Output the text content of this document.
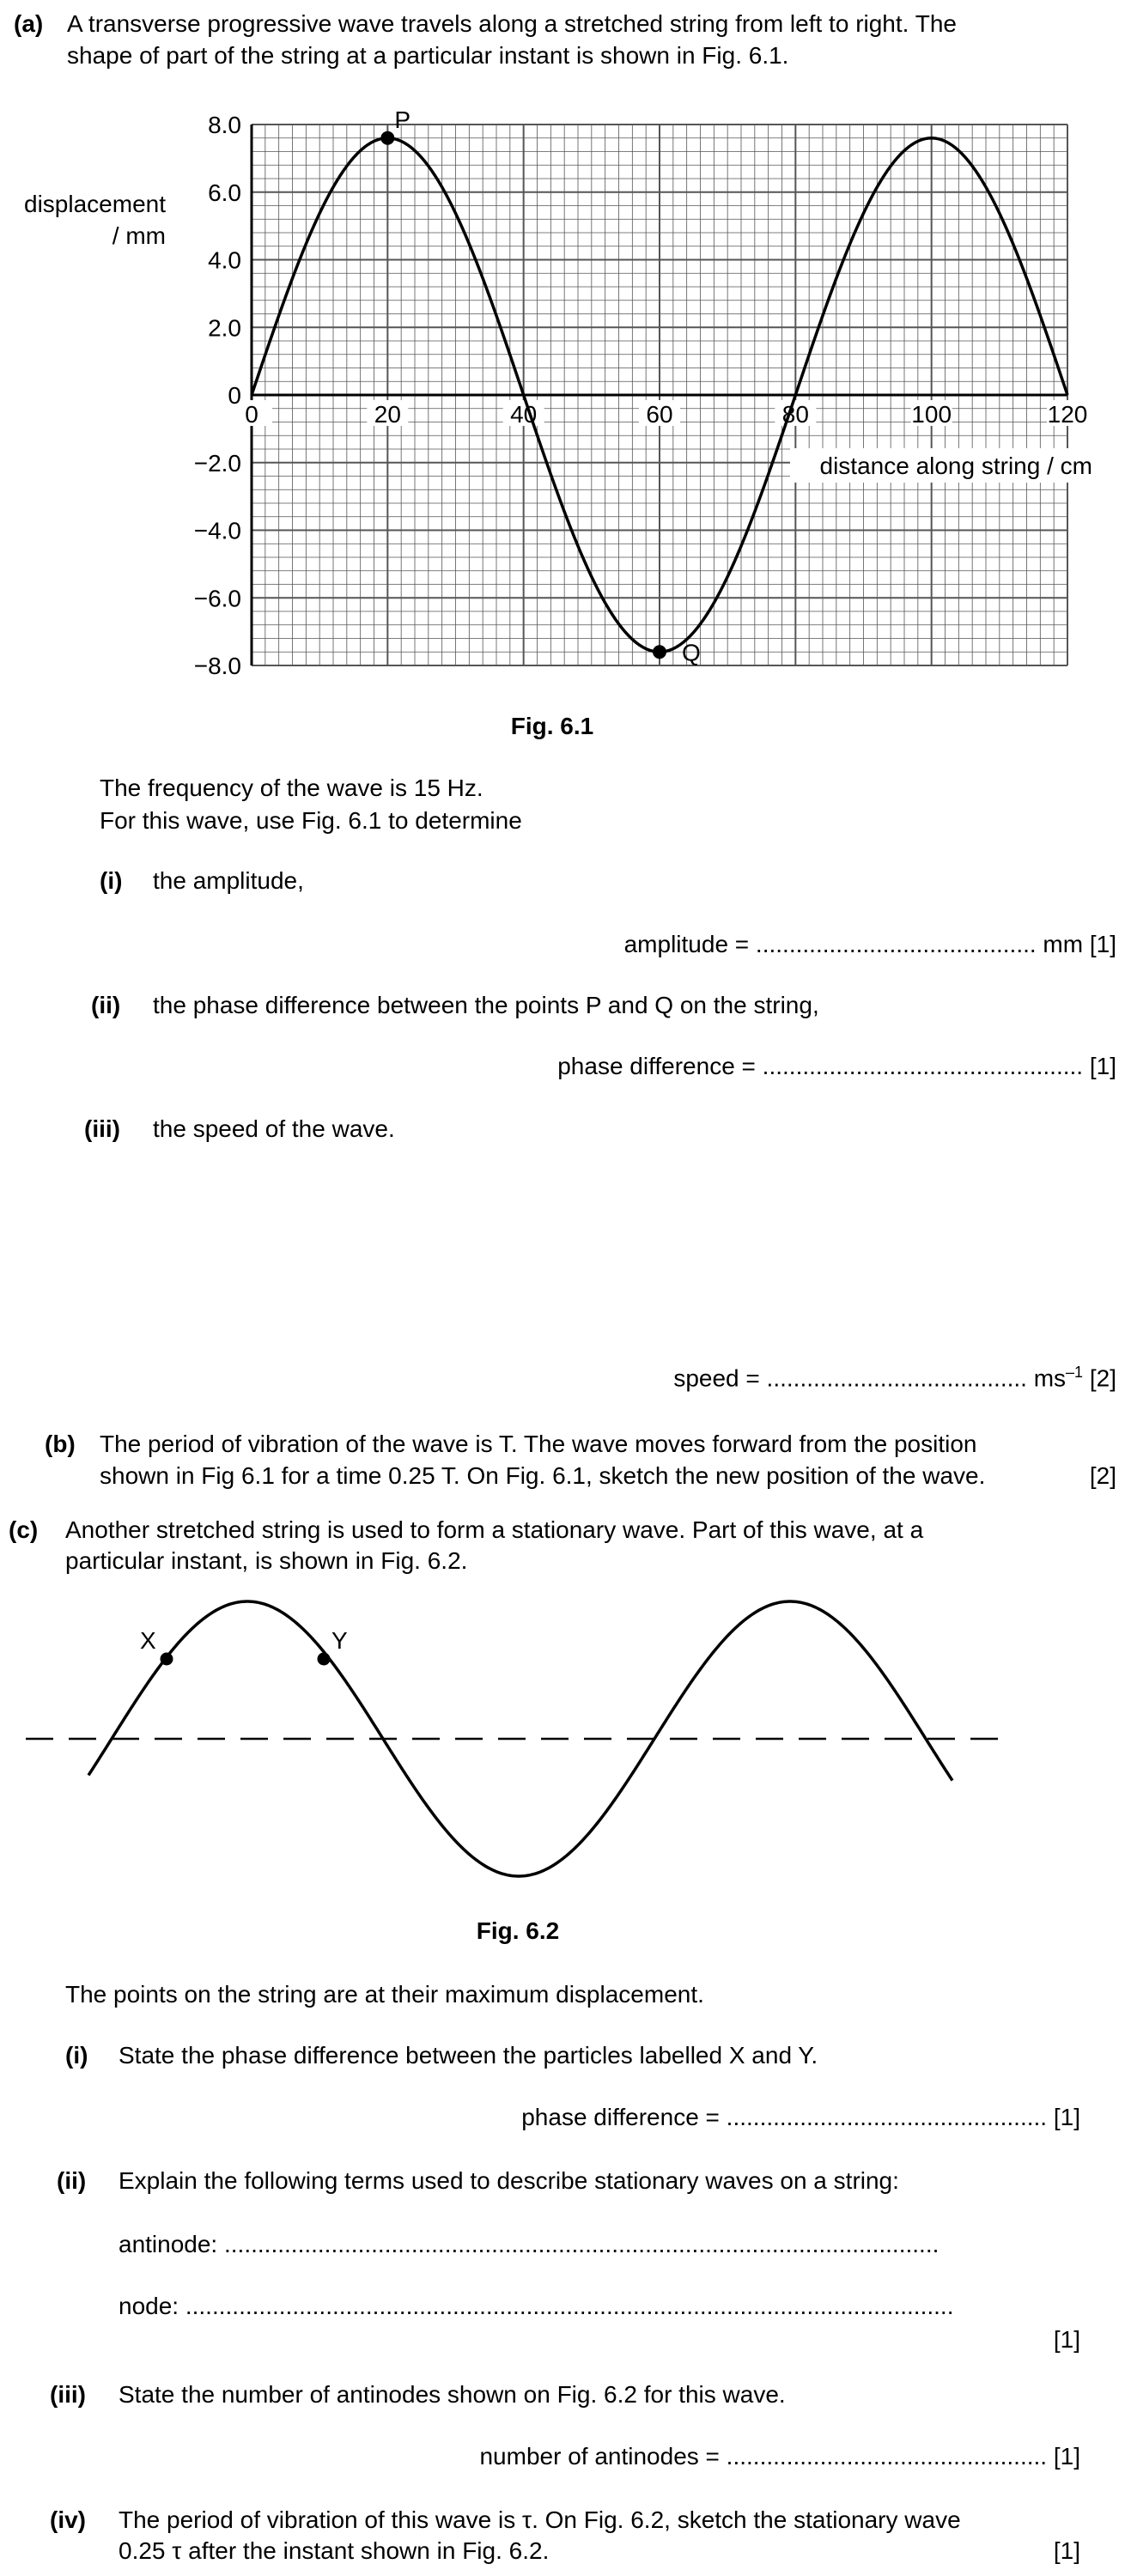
(a) A transverse progressive wave travels along a stretched string from left to right. The
shape of part of the string at a particular instant is shown in Fig. 6.1.
0	20	40	60	80	100	120
8.0
6.0
4.0
2.0
0
−2.0
−4.0
−6.0
−8.0
P
Q
displacement
/ mm
distance along string / cm
Fig. 6.1
The frequency of the wave is 15 Hz.
For this wave, use Fig. 6.1 to determine
(i) the amplitude,
amplitude = .......................................... mm [1]
(ii) the phase difference between the points P and Q on the string,
phase difference = ................................................ [1]
(iii) the speed of the wave.
speed = ....................................... $ms^{-1}$ [2]
(b) The period of vibration of the wave is T. The wave moves forward from the position
shown in Fig 6.1 for a time 0.25 T. On Fig. 6.1, sketch the new position of the wave.	[2]
(c) Another stretched string is used to form a stationary wave. Part of this wave, at a
particular instant, is shown in Fig. 6.2.
X	Y
Fig. 6.2
The points on the string are at their maximum displacement.
(i) State the phase difference between the particles labelled X and Y.
phase difference = ................................................ [1]
(ii) Explain the following terms used to describe stationary waves on a string:
antinode: ...........................................................................................................
node: ...................................................................................................................
[1]
(iii) State the number of antinodes shown on Fig. 6.2 for this wave.
number of antinodes = ................................................ [1]
(iv) The period of vibration of this wave is τ. On Fig. 6.2, sketch the stationary wave
0.25 τ after the instant shown in Fig. 6.2.	[1]
